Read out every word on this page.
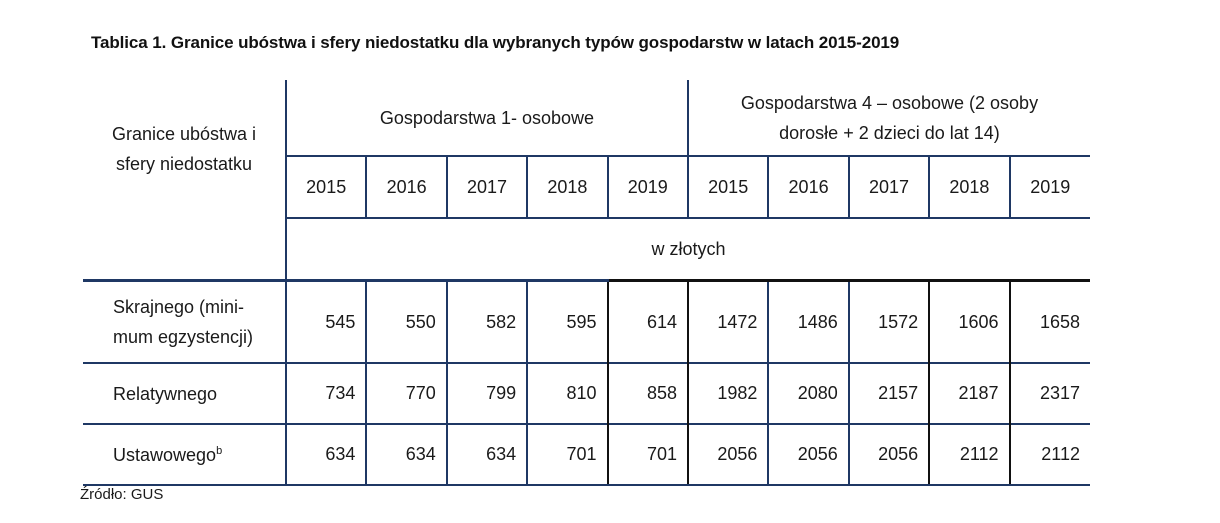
Tablica 1. Granice ubóstwa i sfery niedostatku dla wybranych typów gospodarstw w latach 2015-2019
Granice ubóstwa i sfery niedostatku	Gospodarstwa 1- osobowe					Gospodarstwa 4 – osobowe (2 osoby dorosłe + 2 dzieci do lat 14)				

	2015	2016	2017	2018	2019	2015	2016	2017	2018	2019
	w złotych									

Skrajnego (mini-
mum egzystencji)	545	550	582	595	614	1472	1486	1572	1606	1658
Relatywnego	734	770	799	810	858	1982	2080	2157	2187	2317
Ustawowego$^b$	634	634	634	701	701	2056	2056	2056	2112	2112
Źródło: GUS
